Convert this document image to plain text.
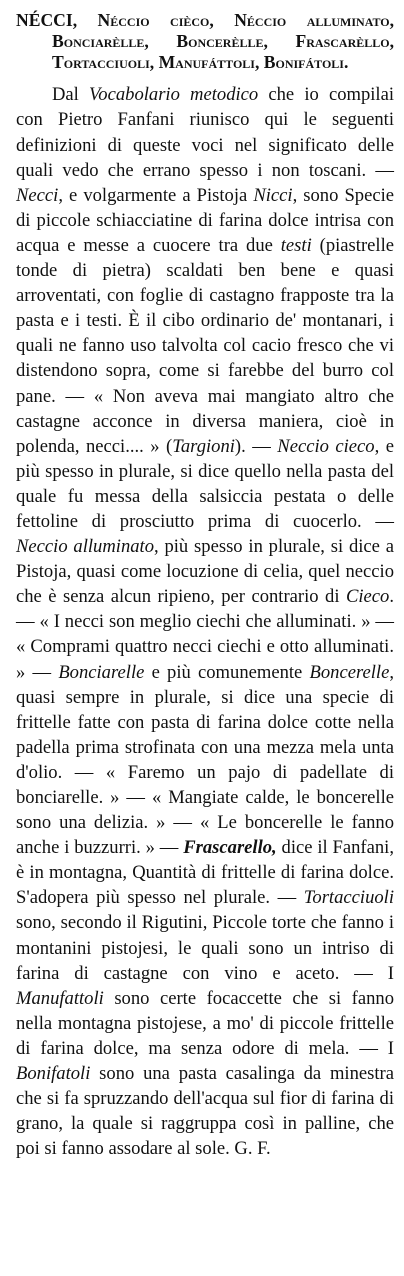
NÉCCI, Néccio cièco, Néccio alluminato, Bonciarèlle, Boncerèlle, Frascarèllo, Tortacciuoli, Manufáttoli, Bonifátoli.

Dal Vocabolario metodico che io compilai con Pietro Fanfani riunisco qui le seguenti definizioni di queste voci nel significato delle quali vedo che errano spesso i non toscani. — Necci, e volgarmente a Pistoja Nicci, sono Specie di piccole schiacciatine di farina dolce intrisa con acqua e messe a cuocere tra due testi (piastrelle tonde di pietra) scaldati ben bene e quasi arroventati, con foglie di castagno frapposte tra la pasta e i testi. È il cibo ordinario de' montanari, i quali ne fanno uso talvolta col cacio fresco che vi distendono sopra, come si farebbe del burro col pane. — « Non aveva mai mangiato altro che castagne acconce in diversa maniera, cioè in polenda, necci.... » (Targioni). — Neccio cieco, e più spesso in plurale, si dice quello nella pasta del quale fu messa della salsiccia pestata o delle fettoline di prosciutto prima di cuocerlo. — Neccio alluminato, più spesso in plurale, si dice a Pistoja, quasi come locuzione di celia, quel neccio che è senza alcun ripieno, per contrario di Cieco. — « I necci son meglio ciechi che alluminati. » — « Comprami quattro necci ciechi e otto alluminati. » — Bonciarelle e più comunemente Boncerelle, quasi sempre in plurale, si dice una specie di frittelle fatte con pasta di farina dolce cotte nella padella prima strofinata con una mezza mela unta d'olio. — « Faremo un pajo di padellate di bonciarelle. » — « Mangiate calde, le boncerelle sono una delizia. » — « Le boncerelle le fanno anche i buzzurri. » — Frascarello, dice il Fanfani, è in montagna, Quantità di frittelle di farina dolce. S'adopera più spesso nel plurale. — Tortacciuoli sono, secondo il Rigutini, Piccole torte che fanno i montanini pistojesi, le quali sono un intriso di farina di castagne con vino e aceto. — I Manufattoli sono certe focaccette che si fanno nella montagna pistojese, a mo' di piccole frittelle di farina dolce, ma senza odore di mela. — I Bonifatoli sono una pasta casalinga da minestra che si fa spruzzando dell'acqua sul fior di farina di grano, la quale si raggruppa così in palline, che poi si fanno assodare al sole. G. F.
